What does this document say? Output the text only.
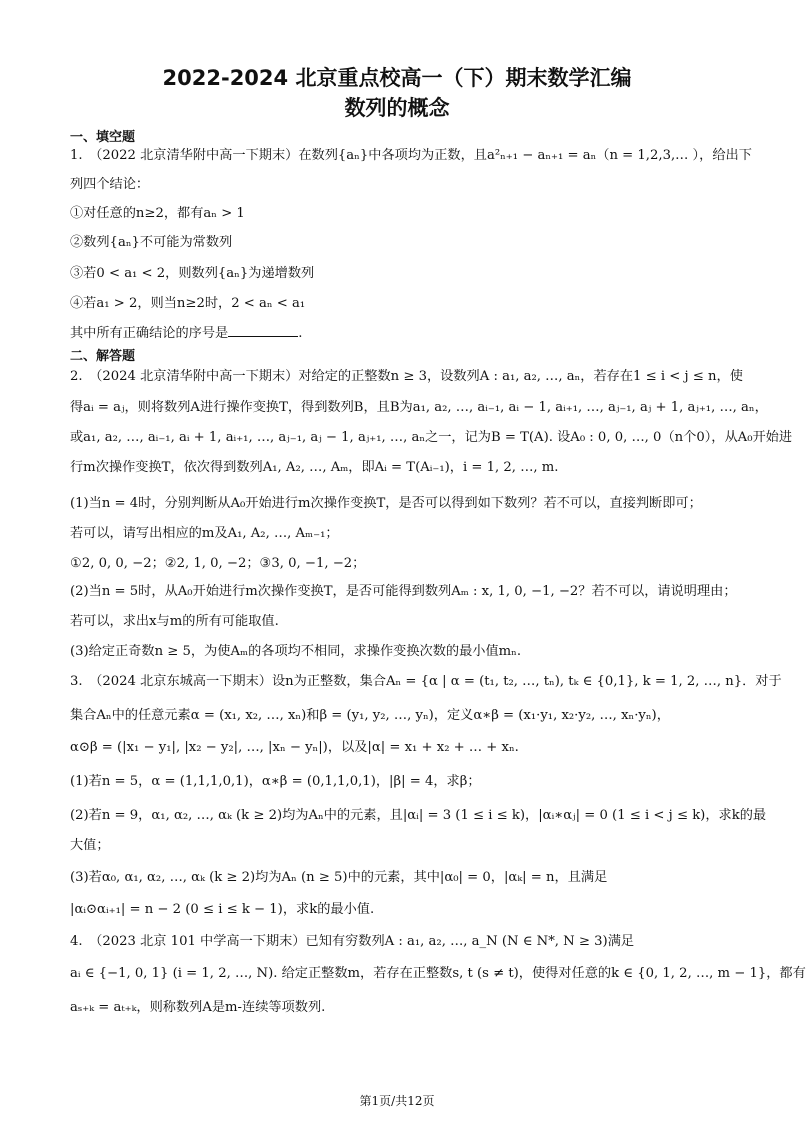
2022-2024 北京重点校高一（下）期末数学汇编
数列的概念
一、填空题
1.　（2022 北京清华附中高一下期末）在数列{aₙ}中各项均为正数，且a²ₙ₊₁ − aₙ₊₁ = aₙ（n = 1,2,3,… ），给出下
列四个结论：
①对任意的n≥2，都有aₙ > 1
②数列{aₙ}不可能为常数列
③若0 < a₁ < 2，则数列{aₙ}为递增数列
④若a₁ > 2，则当n≥2时，2 < aₙ < a₁
其中所有正确结论的序号是	.
二、解答题
2.　（2024 北京清华附中高一下期末）对给定的正整数n ≥ 3，设数列A : a₁, a₂, …, aₙ，若存在1 ≤ i < j ≤ n，使
得aᵢ = aⱼ，则将数列A进行操作变换T，得到数列B，且B为a₁, a₂, …, aᵢ₋₁, aᵢ − 1, aᵢ₊₁, …, aⱼ₋₁, aⱼ + 1, aⱼ₊₁, …, aₙ，
或a₁, a₂, …, aᵢ₋₁, aᵢ + 1, aᵢ₊₁, …, aⱼ₋₁, aⱼ − 1, aⱼ₊₁, …, aₙ之一，记为B = T(A). 设A₀ : 0, 0, …, 0（n个0），从A₀开始进
行m次操作变换T，依次得到数列A₁, A₂, …, Aₘ，即Aᵢ = T(Aᵢ₋₁)，i = 1, 2, …, m.
(1)当n = 4时，分别判断从A₀开始进行m次操作变换T，是否可以得到如下数列？若不可以，直接判断即可；
若可以，请写出相应的m及A₁, A₂, …, Aₘ₋₁；
①2, 0, 0, −2；②2, 1, 0, −2；③3, 0, −1, −2；
(2)当n = 5时，从A₀开始进行m次操作变换T，是否可能得到数列Aₘ : x, 1, 0, −1, −2？若不可以，请说明理由；
若可以，求出x与m的所有可能取值.
(3)给定正奇数n ≥ 5，为使Aₘ的各项均不相同，求操作变换次数的最小值mₙ.
3.　（2024 北京东城高一下期末）设n为正整数，集合Aₙ = {α | α = (t₁, t₂, …, tₙ), tₖ ∈ {0,1}, k = 1, 2, …, n}．对于
集合Aₙ中的任意元素α = (x₁, x₂, …, xₙ)和β = (y₁, y₂, …, yₙ)，定义α∗β = (x₁·y₁, x₂·y₂, …, xₙ·yₙ)，
α⊙β = (|x₁ − y₁|, |x₂ − y₂|, …, |xₙ − yₙ|)，以及|α| = x₁ + x₂ + … + xₙ.
(1)若n = 5，α = (1,1,1,0,1)，α∗β = (0,1,1,0,1)，|β| = 4，求β；
(2)若n = 9，α₁, α₂, …, αₖ (k ≥ 2)均为Aₙ中的元素，且|αᵢ| = 3 (1 ≤ i ≤ k)，|αᵢ∗αⱼ| = 0 (1 ≤ i < j ≤ k)，求k的最
大值；
(3)若α₀, α₁, α₂, …, αₖ (k ≥ 2)均为Aₙ (n ≥ 5)中的元素，其中|α₀| = 0，|αₖ| = n，且满足
|αᵢ⊙αᵢ₊₁| = n − 2 (0 ≤ i ≤ k − 1)，求k的最小值.
4.　（2023 北京 101 中学高一下期末）已知有穷数列A : a₁, a₂, …, a_N (N ∈ N*, N ≥ 3)满足
aᵢ ∈ {−1, 0, 1} (i = 1, 2, …, N). 给定正整数m，若存在正整数s, t (s ≠ t)，使得对任意的k ∈ {0, 1, 2, …, m − 1}，都有
aₛ₊ₖ = aₜ₊ₖ，则称数列A是m-连续等项数列.
第1页/共12页
